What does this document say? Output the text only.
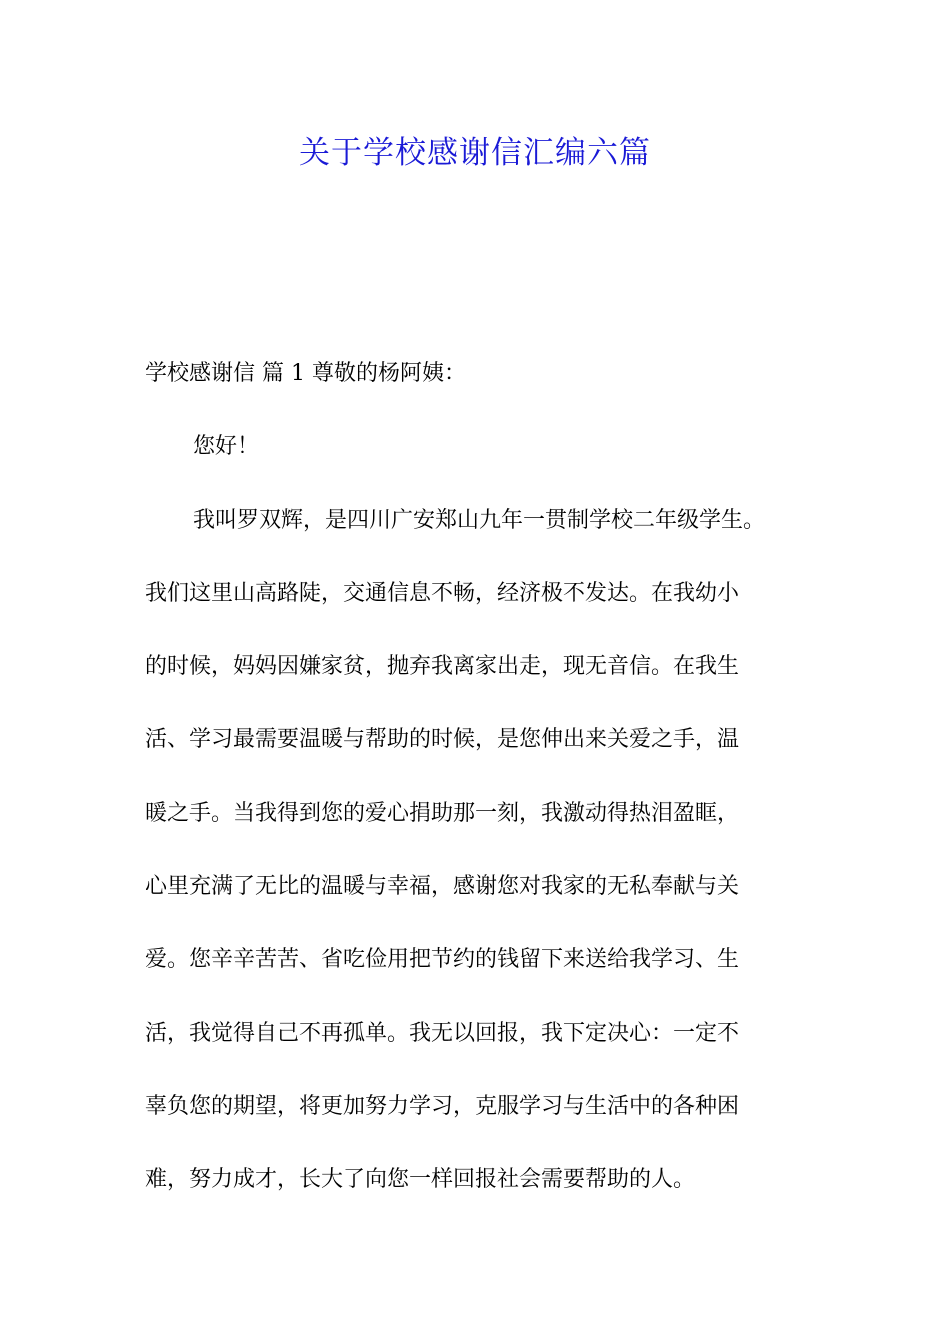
关于学校感谢信汇编六篇
学校感谢信 篇 1 尊敬的杨阿姨：
您好！
我叫罗双辉，是四川广安郑山九年一贯制学校二年级学生。
我们这里山高路陡，交通信息不畅，经济极不发达。在我幼小
的时候，妈妈因嫌家贫，抛弃我离家出走，现无音信。在我生
活、学习最需要温暖与帮助的时候，是您伸出来关爱之手，温
暖之手。当我得到您的爱心捐助那一刻，我激动得热泪盈眶，
心里充满了无比的温暖与幸福，感谢您对我家的无私奉献与关
爱。您辛辛苦苦、省吃俭用把节约的钱留下来送给我学习、生
活，我觉得自己不再孤单。我无以回报，我下定决心：一定不
辜负您的期望，将更加努力学习，克服学习与生活中的各种困
难，努力成才，长大了向您一样回报社会需要帮助的人。
